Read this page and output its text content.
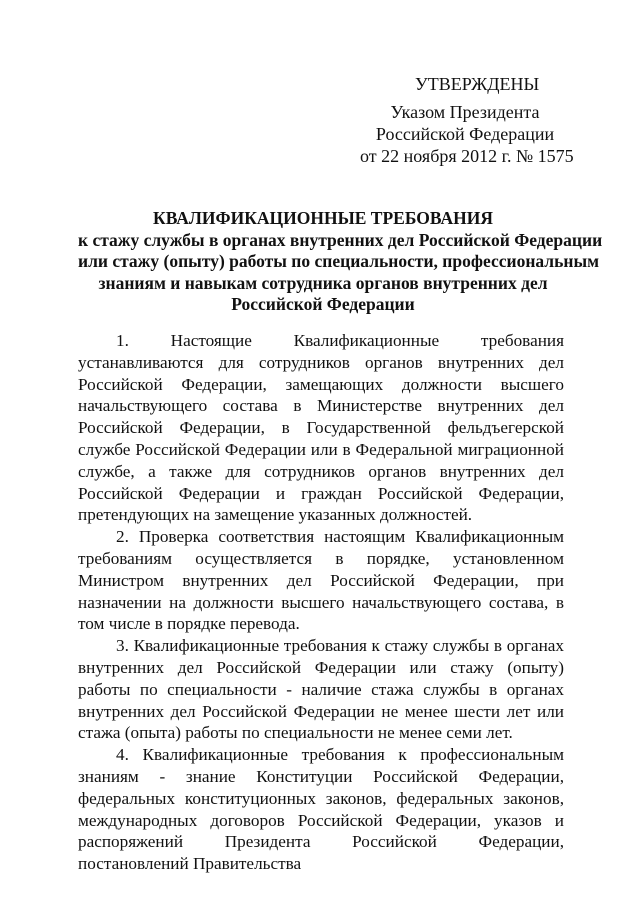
УТВЕРЖДЕНЫ
Указом Президента
Российской Федерации
от 22 ноября 2012 г. № 1575
КВАЛИФИКАЦИОННЫЕ ТРЕБОВАНИЯ
к стажу службы в органах внутренних дел Российской Федерации
или стажу (опыту) работы по специальности, профессиональным
знаниям и навыкам сотрудника органов внутренних дел
Российской Федерации

1. Настоящие Квалификационные требования устанавливаются для сотрудников органов внутренних дел Российской Федерации, замещающих должности высшего начальствующего состава в Министерстве внутренних дел Российской Федерации, в Государственной фельдъегерской службе Российской Федерации или в Федеральной миграционной службе, а также для сотрудников органов внутренних дел Российской Федерации и граждан Российской Федерации, претендующих на замещение указанных должностей.

2. Проверка соответствия настоящим Квалификационным требованиям осуществляется в порядке, установленном Министром внутренних дел Российской Федерации, при назначении на должности высшего начальствующего состава, в том числе в порядке перевода.

3. Квалификационные требования к стажу службы в органах внутренних дел Российской Федерации или стажу (опыту) работы по специальности - наличие стажа службы в органах внутренних дел Российской Федерации не менее шести лет или стажа (опыта) работы по специальности не менее семи лет.

4. Квалификационные требования к профессиональным знаниям - знание Конституции Российской Федерации, федеральных конституционных законов, федеральных законов, международных договоров Российской Федерации, указов и распоряжений Президента Российской Федерации, постановлений Правительства
